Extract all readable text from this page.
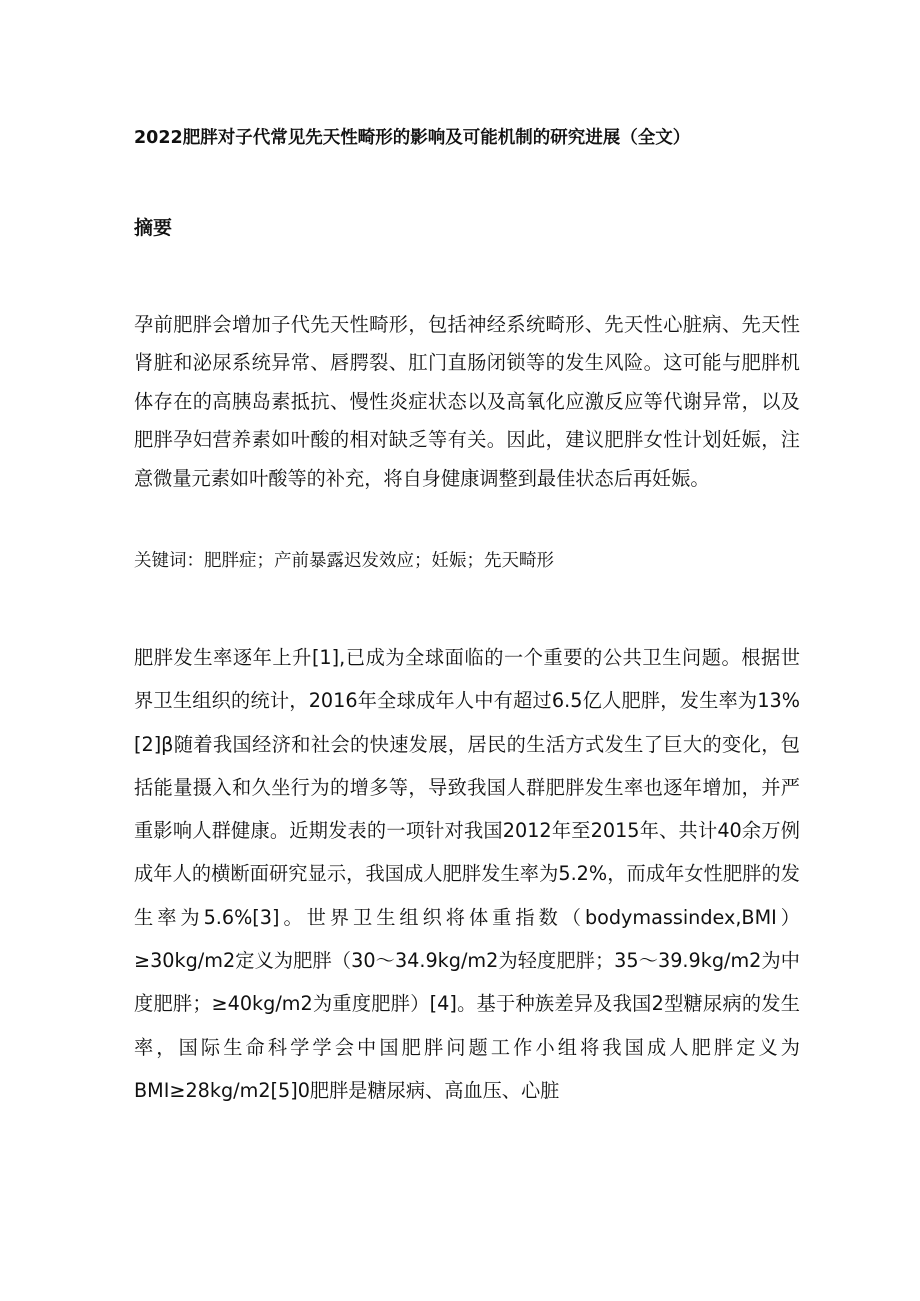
2022肥胖对子代常见先天性畸形的影响及可能机制的研究进展（全文）
摘要

孕前肥胖会增加子代先天性畸形，包括神经系统畸形、先天性心脏病、先天性肾脏和泌尿系统异常、唇腭裂、肛门直肠闭锁等的发生风险。这可能与肥胖机体存在的高胰岛素抵抗、慢性炎症状态以及高氧化应激反应等代谢异常，以及肥胖孕妇营养素如叶酸的相对缺乏等有关。因此，建议肥胖女性计划妊娠，注意微量元素如叶酸等的补充，将自身健康调整到最佳状态后再妊娠。

关键词：肥胖症；产前暴露迟发效应；妊娠；先天畸形

肥胖发生率逐年上升[1],已成为全球面临的一个重要的公共卫生问题。根据世界卫生组织的统计，2016年全球成年人中有超过6.5亿人肥胖，发生率为13%[2]β随着我国经济和社会的快速发展，居民的生活方式发生了巨大的变化，包括能量摄入和久坐行为的增多等，导致我国人群肥胖发生率也逐年增加，并严重影响人群健康。近期发表的一项针对我国2012年至2015年、共计40余万例成年人的横断面研究显示，我国成人肥胖发生率为5.2%，而成年女性肥胖的发生率为5.6%[3]。世界卫生组织将体重指数（bodymassindex,BMI）≥30kg/m2定义为肥胖（30～34.9kg/m2为轻度肥胖；35～39.9kg/m2为中度肥胖；≥40kg/m2为重度肥胖）[4]。基于种族差异及我国2型糖尿病的发生率，国际生命科学学会中国肥胖问题工作小组将我国成人肥胖定义为BMI≥28kg/m2[5]0肥胖是糖尿病、高血压、心脏
